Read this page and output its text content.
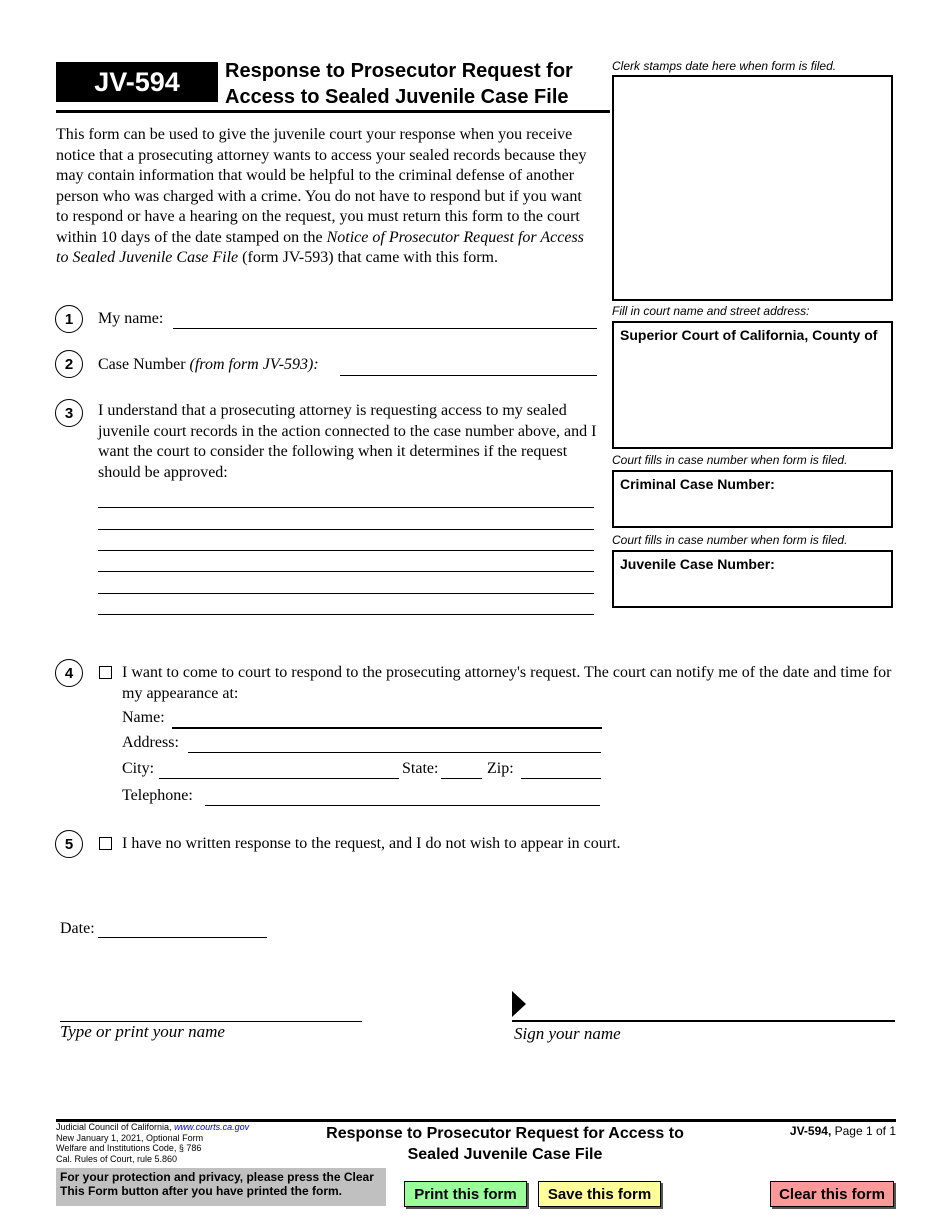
JV-594	Response to Prosecutor Request for
Access to Sealed Juvenile Case File
Clerk stamps date here when form is filed.
Fill in court name and street address:
Superior Court of California, County of
Court fills in case number when form is filed.
Criminal Case Number:
Court fills in case number when form is filed.
Juvenile Case Number:
This form can be used to give the juvenile court your response when you receive notice that a prosecuting attorney wants to access your sealed records because they may contain information that would be helpful to the criminal defense of another person who was charged with a crime. You do not have to respond but if you want to respond or have a hearing on the request, you must return this form to the court within 10 days of the date stamped on the Notice of Prosecutor Request for Access to Sealed Juvenile Case File (form JV-593) that came with this form.
1	My name:
2	Case Number (from form JV-593):
3	I understand that a prosecuting attorney is requesting access to my sealed juvenile court records in the action connected to the case number above, and I want the court to consider the following when it determines if the request should be approved:
4	I want to come to court to respond to the prosecuting attorney's request. The court can notify me of the date and time for my appearance at:
Name:
Address:
City:	State:	Zip:
Telephone:
5	I have no written response to the request, and I do not wish to appear in court.
Date:
Type or print your name	Sign your name
Judicial Council of California, www.courts.ca.gov
New January 1, 2021, Optional Form
Welfare and Institutions Code, § 786
Cal. Rules of Court, rule 5.860
Response to Prosecutor Request for Access to
Sealed Juvenile Case File
JV-594, Page 1 of 1
For your protection and privacy, please press the Clear This Form button after you have printed the form.	Print this form	Save this form	Clear this form
